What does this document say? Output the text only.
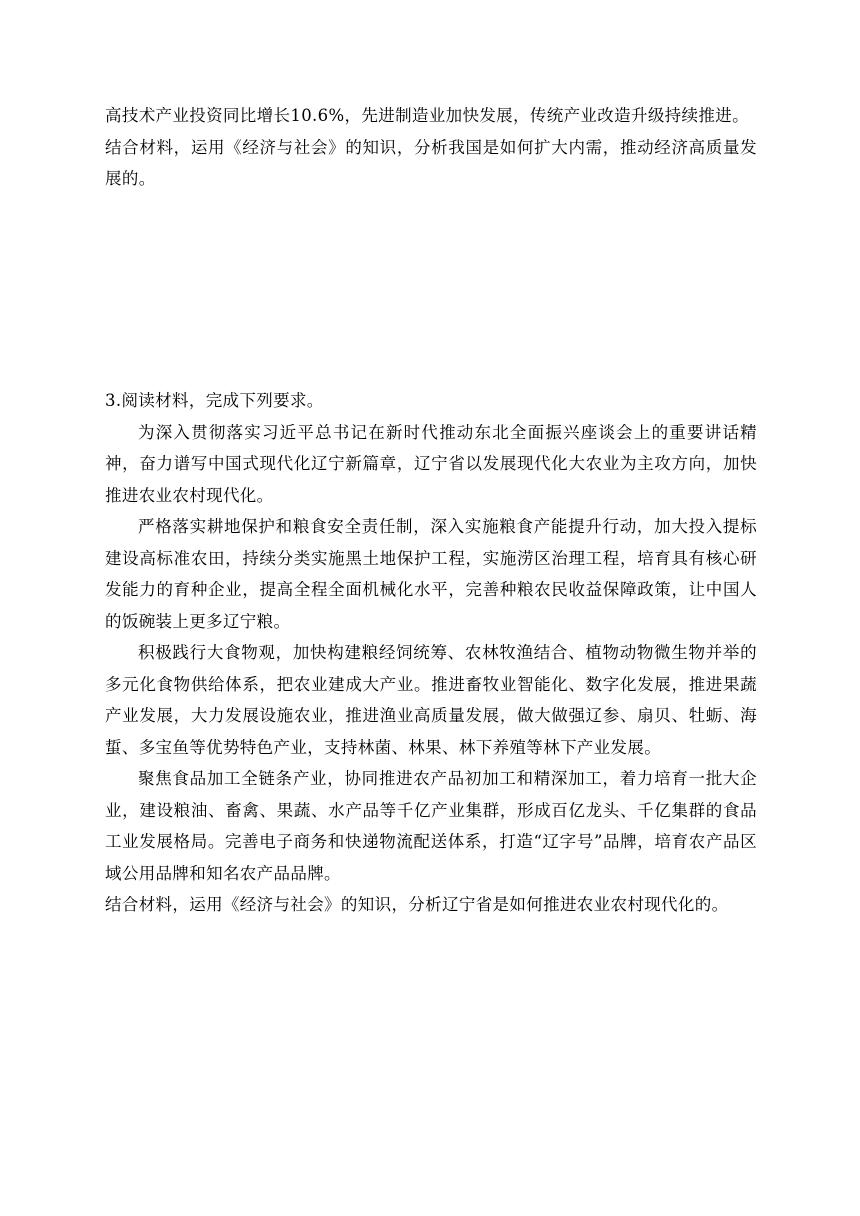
高技术产业投资同比增长10.6%，先进制造业加快发展，传统产业改造升级持续推进。

结合材料，运用《经济与社会》的知识，分析我国是如何扩大内需，推动经济高质量发展的。

3.阅读材料，完成下列要求。

为深入贯彻落实习近平总书记在新时代推动东北全面振兴座谈会上的重要讲话精神，奋力谱写中国式现代化辽宁新篇章，辽宁省以发展现代化大农业为主攻方向，加快推进农业农村现代化。

严格落实耕地保护和粮食安全责任制，深入实施粮食产能提升行动，加大投入提标建设高标准农田，持续分类实施黑土地保护工程，实施涝区治理工程，培育具有核心研发能力的育种企业，提高全程全面机械化水平，完善种粮农民收益保障政策，让中国人的饭碗装上更多辽宁粮。

积极践行大食物观，加快构建粮经饲统筹、农林牧渔结合、植物动物微生物并举的多元化食物供给体系，把农业建成大产业。推进畜牧业智能化、数字化发展，推进果蔬产业发展，大力发展设施农业，推进渔业高质量发展，做大做强辽参、扇贝、牡蛎、海蜇、多宝鱼等优势特色产业，支持林菌、林果、林下养殖等林下产业发展。

聚焦食品加工全链条产业，协同推进农产品初加工和精深加工，着力培育一批大企业，建设粮油、畜禽、果蔬、水产品等千亿产业集群，形成百亿龙头、千亿集群的食品工业发展格局。完善电子商务和快递物流配送体系，打造“辽字号”品牌，培育农产品区域公用品牌和知名农产品品牌。

结合材料，运用《经济与社会》的知识，分析辽宁省是如何推进农业农村现代化的。
